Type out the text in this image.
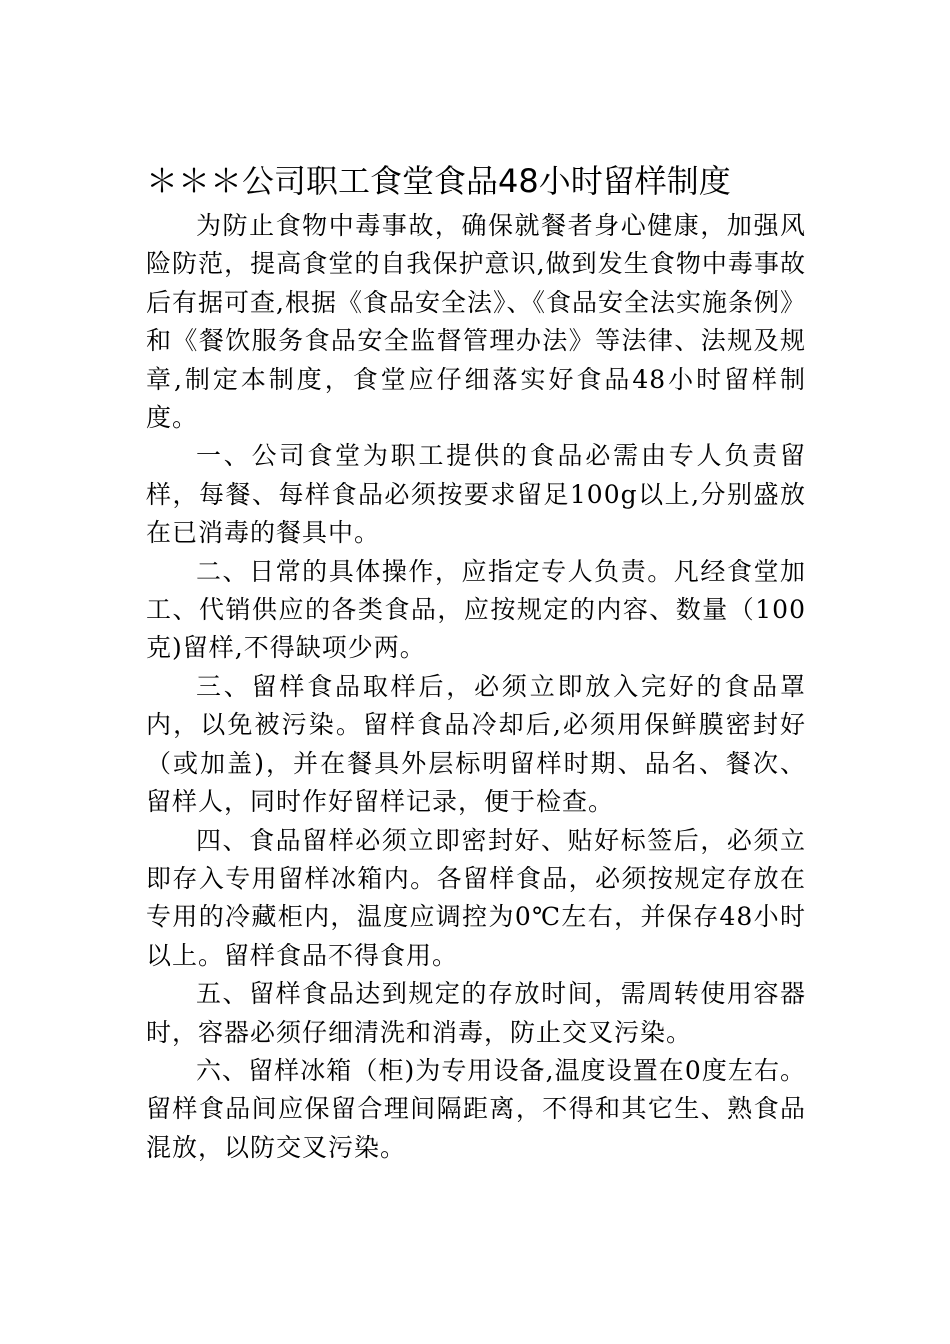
＊＊＊公司职工食堂食品48小时留样制度

为防止食物中毒事故，确保就餐者身心健康，加强风险防范，提高食堂的自我保护意识,做到发生食物中毒事故后有据可查,根据《食品安全法》、《食品安全法实施条例》和《餐饮服务食品安全监督管理办法》等法律、法规及规章,制定本制度，食堂应仔细落实好食品48小时留样制度。

一、公司食堂为职工提供的食品必需由专人负责留样，每餐、每样食品必须按要求留足100g以上,分别盛放在已消毒的餐具中。

二、日常的具体操作，应指定专人负责。凡经食堂加工、代销供应的各类食品，应按规定的内容、数量（100克)留样,不得缺项少两。

三、留样食品取样后，必须立即放入完好的食品罩内，以免被污染。留样食品冷却后,必须用保鲜膜密封好（或加盖)，并在餐具外层标明留样时期、品名、餐次、留样人，同时作好留样记录，便于检查。

四、食品留样必须立即密封好、贴好标签后，必须立即存入专用留样冰箱内。各留样食品，必须按规定存放在专用的冷藏柜内，温度应调控为0℃左右，并保存48小时以上。留样食品不得食用。

五、留样食品达到规定的存放时间，需周转使用容器时，容器必须仔细清洗和消毒，防止交叉污染。

六、留样冰箱（柜)为专用设备,温度设置在0度左右。留样食品间应保留合理间隔距离，不得和其它生、熟食品混放，以防交叉污染。
